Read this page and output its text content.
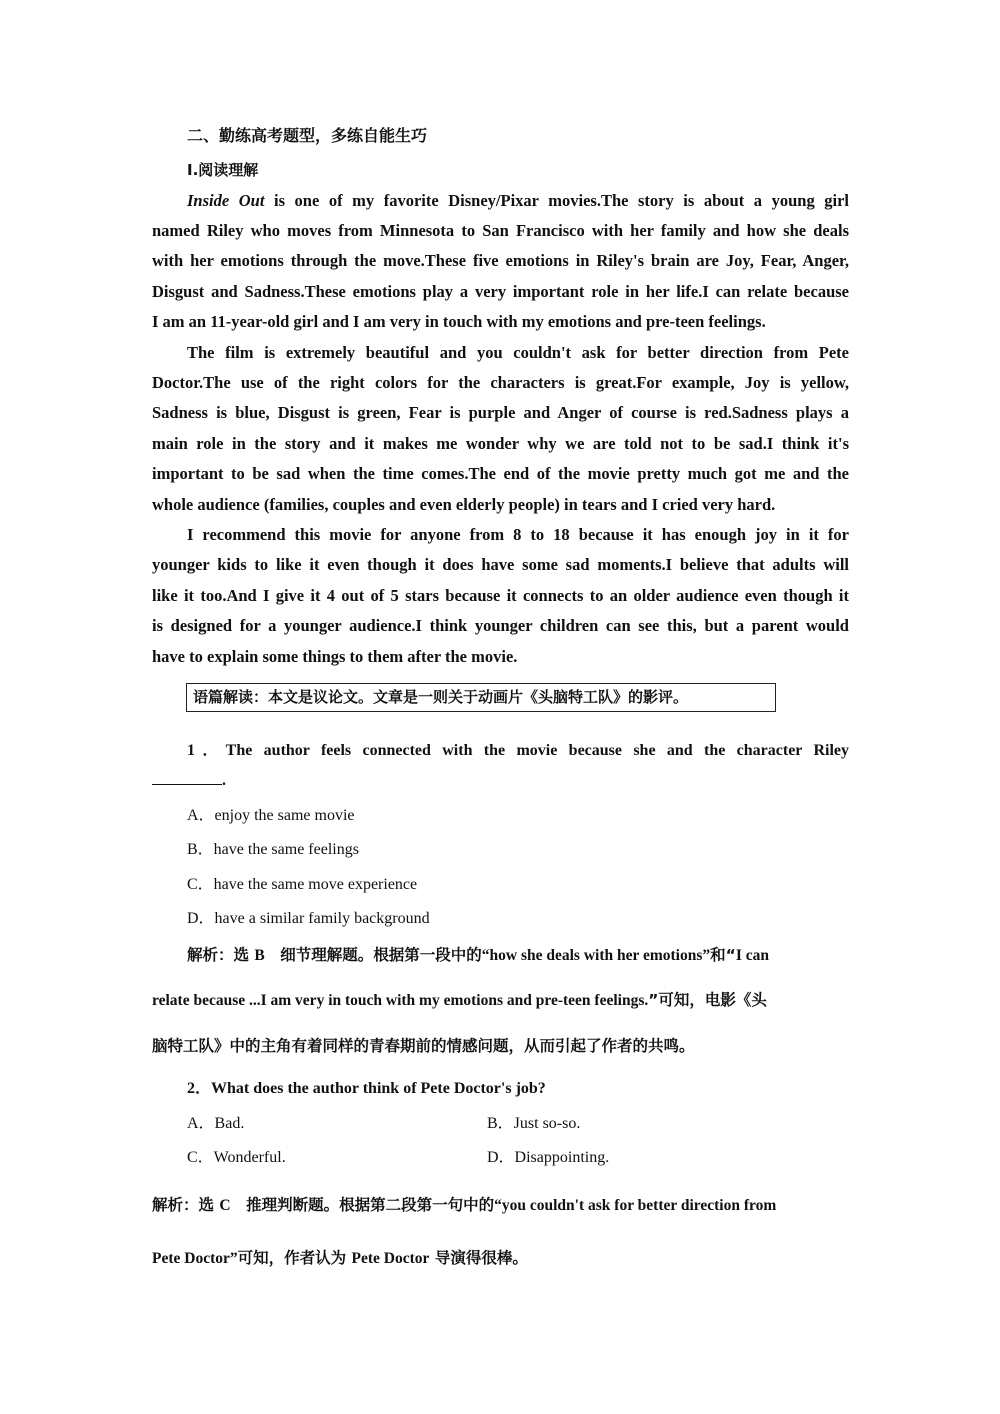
二、勤练高考题型，多练自能生巧
Ⅰ.阅读理解
Inside Out is one of my favorite Disney/Pixar movies.The story is about a young girl
named Riley who moves from Minnesota to San Francisco with her family and how she deals
with her emotions through the move.These five emotions in Riley's brain are Joy, Fear, Anger,
Disgust and Sadness.These emotions play a very important role in her life.I can relate because
I am an 11-year-old girl and I am very in touch with my emotions and pre-teen feelings.
The film is extremely beautiful and you couldn't ask for better direction from Pete
Doctor.The use of the right colors for the characters is great.For example, Joy is yellow,
Sadness is blue, Disgust is green, Fear is purple and Anger of course is red.Sadness plays a
main role in the story and it makes me wonder why we are told not to be sad.I think it's
important to be sad when the time comes.The end of the movie pretty much got me and the
whole audience (families, couples and even elderly people) in tears and I cried very hard.
I recommend this movie for anyone from 8 to 18 because it has enough joy in it for
younger kids to like it even though it does have some sad moments.I believe that adults will
like it too.And I give it 4 out of 5 stars because it connects to an older audience even though it
is designed for a younger audience.I think younger children can see this, but a parent would
have to explain some things to them after the movie.
语篇解读：本文是议论文。文章是一则关于动画片《头脑特工队》的影评。
1．The author feels connected with the movie because she and the character Riley
.
A．enjoy the same movie
B．have the same feelings
C．have the same move experience
D．have a similar family background
解析：选 B　细节理解题。根据第一段中的“how she deals with her emotions”和“I can
relate because ...I am very in touch with my emotions and pre-teen feelings.”可知，电影《头
脑特工队》中的主角有着同样的青春期前的情感问题，从而引起了作者的共鸣。
2．What does the author think of Pete Doctor's job?
A．Bad.	B．Just so-so.
C．Wonderful.	D．Disappointing.
解析：选 C　推理判断题。根据第二段第一句中的“you couldn't ask for better direction from
Pete Doctor”可知，作者认为 Pete Doctor 导演得很棒。
